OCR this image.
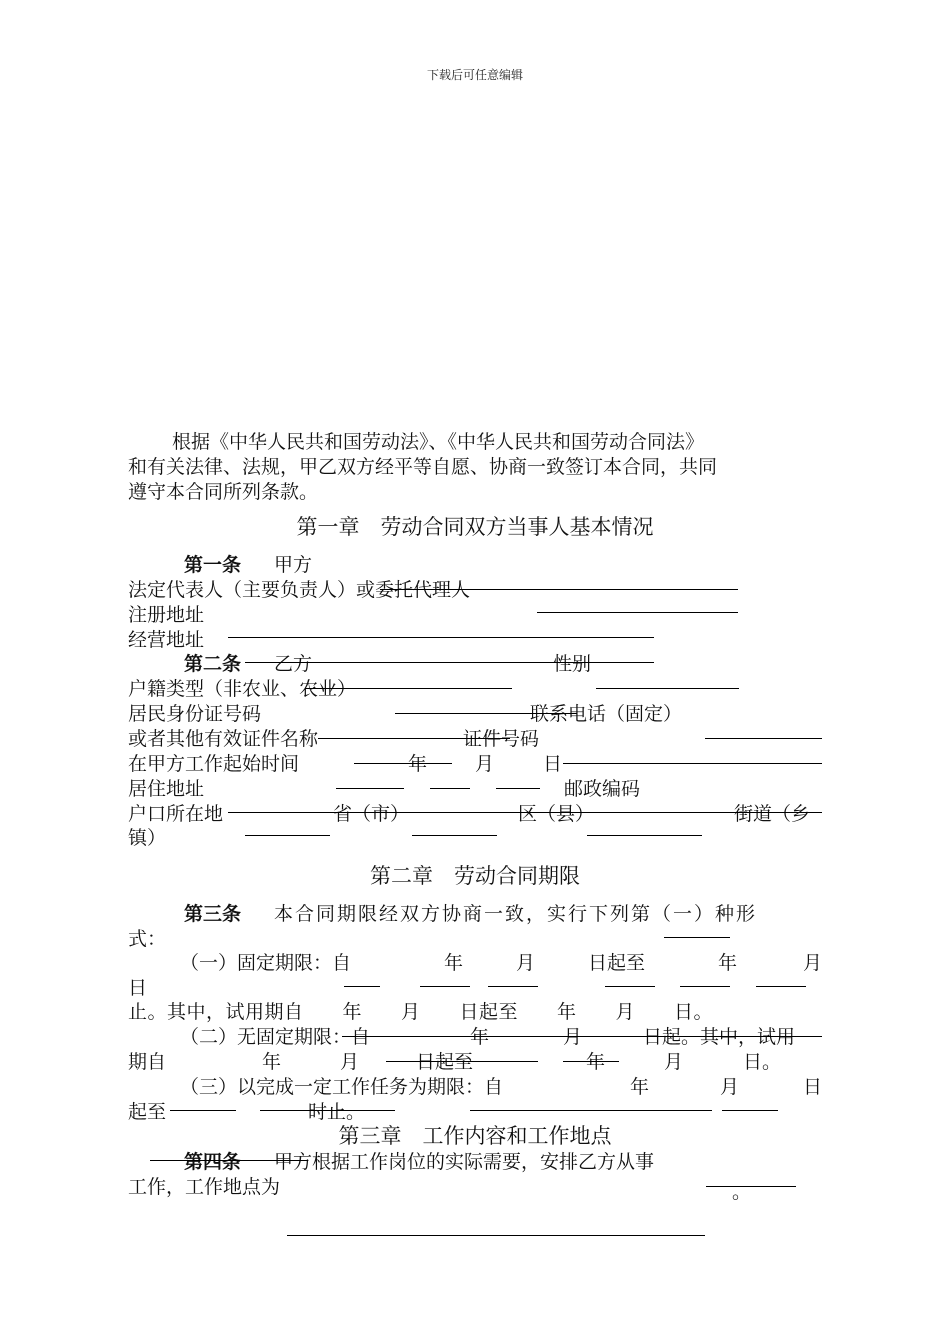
下载后可任意编辑
根据《中华人民共和国劳动法》、《中华人民共和国劳动合同法》
和有关法律、法规，甲乙双方经平等自愿、协商一致签订本合同，共同
遵守本合同所列条款。
第一章　劳动合同双方当事人基本情况
第一条 甲方
法定代表人（主要负责人）或委托代理人
注册地址
经营地址
第二条 乙方	性别
户籍类型（非农业、农业）
居民身份证号码	联系电话（固定）
或者其他有效证件名称	证件号码
在甲方工作起始时间	年	月	日
居住地址	邮政编码
户口所在地	省（市）	区（县）	街道（乡
镇）
第二章　劳动合同期限
第三条 本合同期限经双方协商一致，实行下列第（一）种形
式：
（一）固定期限：自	年	月	日起至	年	月
日
止。其中，试用期自　　年　　月　　日起至　　年　　月　　日。
（二）无固定期限：自	年	月	日起。其中，试用
期自	年	月	日起至	年	月	日。
（三）以完成一定工作任务为期限：自	年	月	日
起至	时止。
第三章　工作内容和工作地点
第四条 甲方根据工作岗位的实际需要，安排乙方从事
工作，工作地点为	。
